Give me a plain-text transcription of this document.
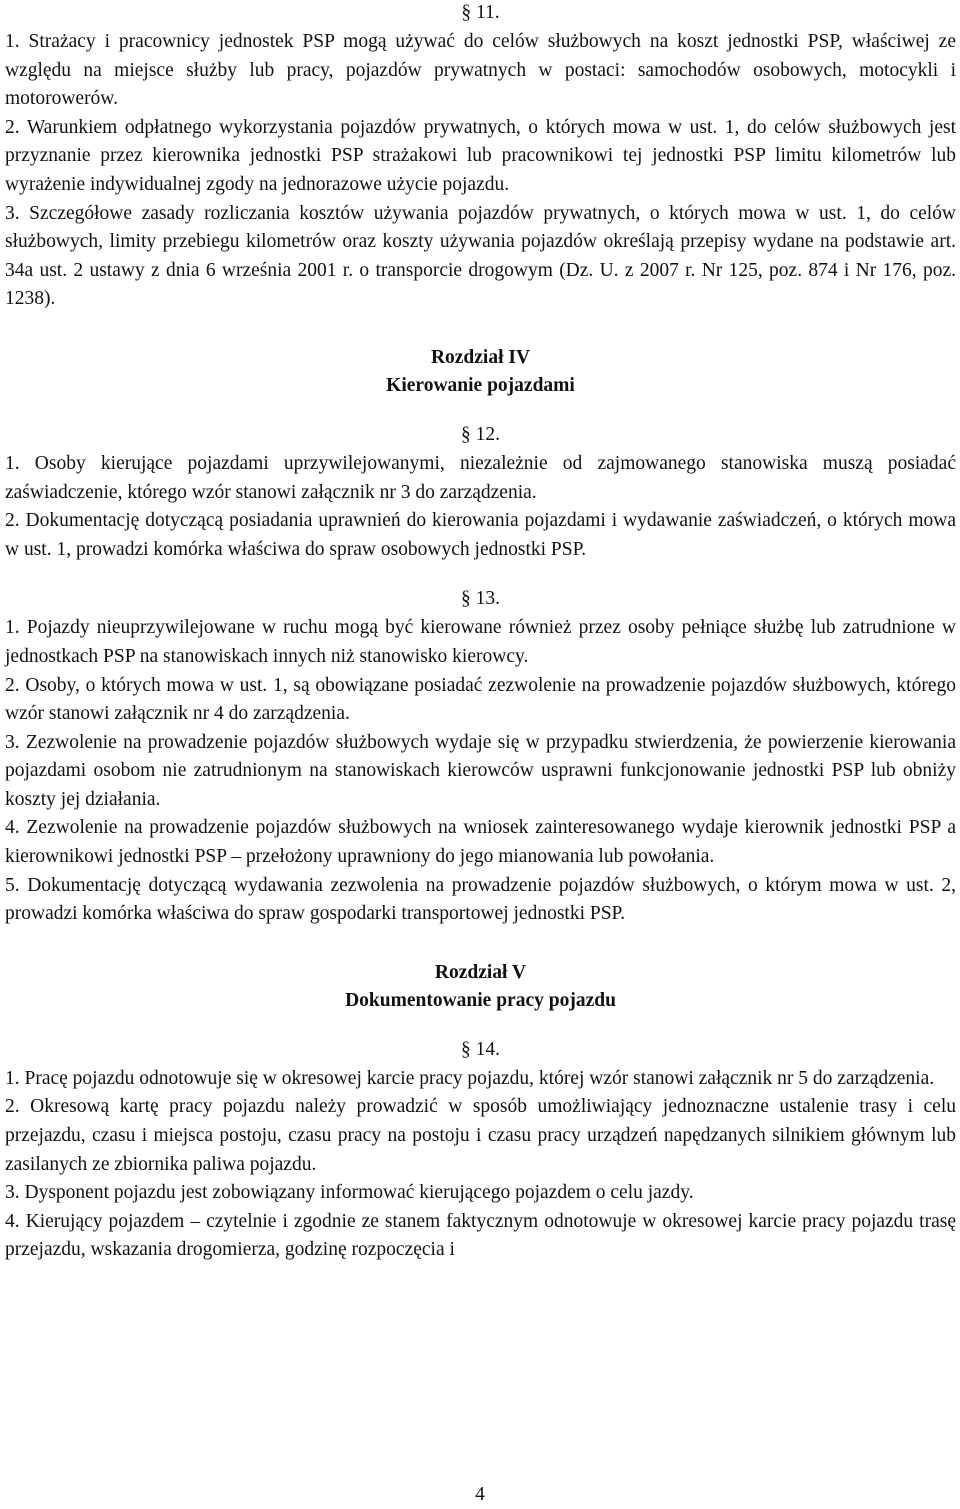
§ 11.

1. Strażacy i pracownicy jednostek PSP mogą używać do celów służbowych na koszt jednostki PSP, właściwej ze względu na miejsce służby lub pracy, pojazdów prywatnych w postaci: samochodów osobowych, motocykli i motorowerów.

2. Warunkiem odpłatnego wykorzystania pojazdów prywatnych, o których mowa w ust. 1, do celów służbowych jest przyznanie przez kierownika jednostki PSP strażakowi lub pracownikowi tej jednostki PSP limitu kilometrów lub wyrażenie indywidualnej zgody na jednorazowe użycie pojazdu.

3. Szczegółowe zasady rozliczania kosztów używania pojazdów prywatnych, o których mowa w ust. 1, do celów służbowych, limity przebiegu kilometrów oraz koszty używania pojazdów określają przepisy wydane na podstawie art. 34a ust. 2 ustawy z dnia 6 września 2001 r. o transporcie drogowym (Dz. U. z 2007 r. Nr 125, poz. 874 i Nr 176, poz. 1238).

Rozdział IV

Kierowanie pojazdami

§ 12.

1. Osoby kierujące pojazdami uprzywilejowanymi, niezależnie od zajmowanego stanowiska muszą posiadać zaświadczenie, którego wzór stanowi załącznik nr 3 do zarządzenia.

2. Dokumentację dotyczącą posiadania uprawnień do kierowania pojazdami i wydawanie zaświadczeń, o których mowa w ust. 1, prowadzi komórka właściwa do spraw osobowych jednostki PSP.

§ 13.

1. Pojazdy nieuprzywilejowane w ruchu mogą być kierowane również przez osoby pełniące służbę lub zatrudnione w jednostkach PSP na stanowiskach innych niż stanowisko kierowcy.

2. Osoby, o których mowa w ust. 1, są obowiązane posiadać zezwolenie na prowadzenie pojazdów służbowych, którego wzór stanowi załącznik nr 4 do zarządzenia.

3. Zezwolenie na prowadzenie pojazdów służbowych wydaje się w przypadku stwierdzenia, że powierzenie kierowania pojazdami osobom nie zatrudnionym na stanowiskach kierowców usprawni funkcjonowanie jednostki PSP lub obniży koszty jej działania.

4. Zezwolenie na prowadzenie pojazdów służbowych na wniosek zainteresowanego wydaje kierownik jednostki PSP a kierownikowi jednostki PSP – przełożony uprawniony do jego mianowania lub powołania.

5. Dokumentację dotyczącą wydawania zezwolenia na prowadzenie pojazdów służbowych, o którym mowa w ust. 2, prowadzi komórka właściwa do spraw gospodarki transportowej jednostki PSP.

Rozdział V

Dokumentowanie pracy pojazdu

§ 14.

1. Pracę pojazdu odnotowuje się w okresowej karcie pracy pojazdu, której wzór stanowi załącznik nr 5 do zarządzenia.

2. Okresową kartę pracy pojazdu należy prowadzić w sposób umożliwiający jednoznaczne ustalenie trasy i celu przejazdu, czasu i miejsca postoju, czasu pracy na postoju i czasu pracy urządzeń napędzanych silnikiem głównym lub zasilanych ze zbiornika paliwa pojazdu.

3. Dysponent pojazdu jest zobowiązany informować kierującego pojazdem o celu jazdy.

4. Kierujący pojazdem – czytelnie i zgodnie ze stanem faktycznym odnotowuje w okresowej karcie pracy pojazdu trasę przejazdu, wskazania drogomierza, godzinę rozpoczęcia i

4
